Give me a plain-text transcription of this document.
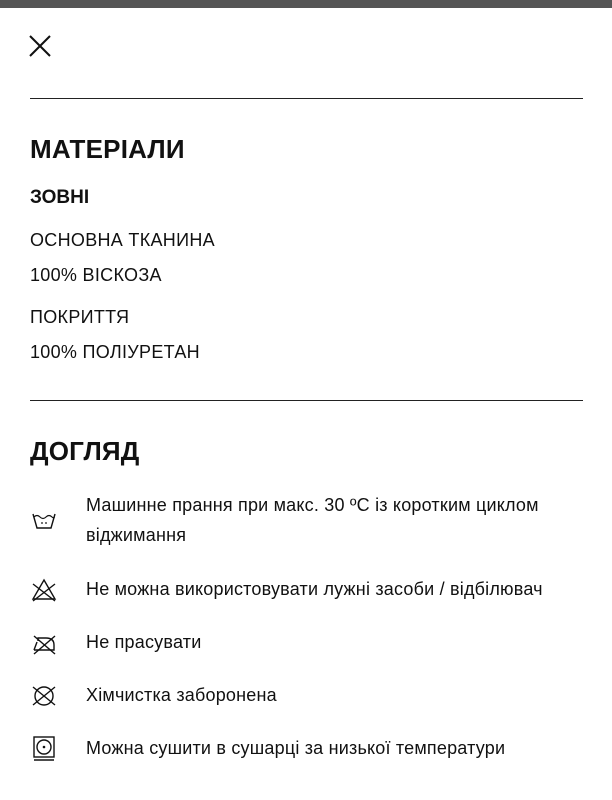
МАТЕРІАЛИ
ЗОВНІ
ОСНОВНА ТКАНИНА
100% ВІСКОЗА
ПОКРИТТЯ
100% ПОЛІУРЕТАН
ДОГЛЯД
Машинне прання при макс. 30 ºC із коротким циклом віджимання
Не можна використовувати лужні засоби / відбілювач
Не прасувати
Хімчистка заборонена
Можна сушити в сушарці за низької температури
